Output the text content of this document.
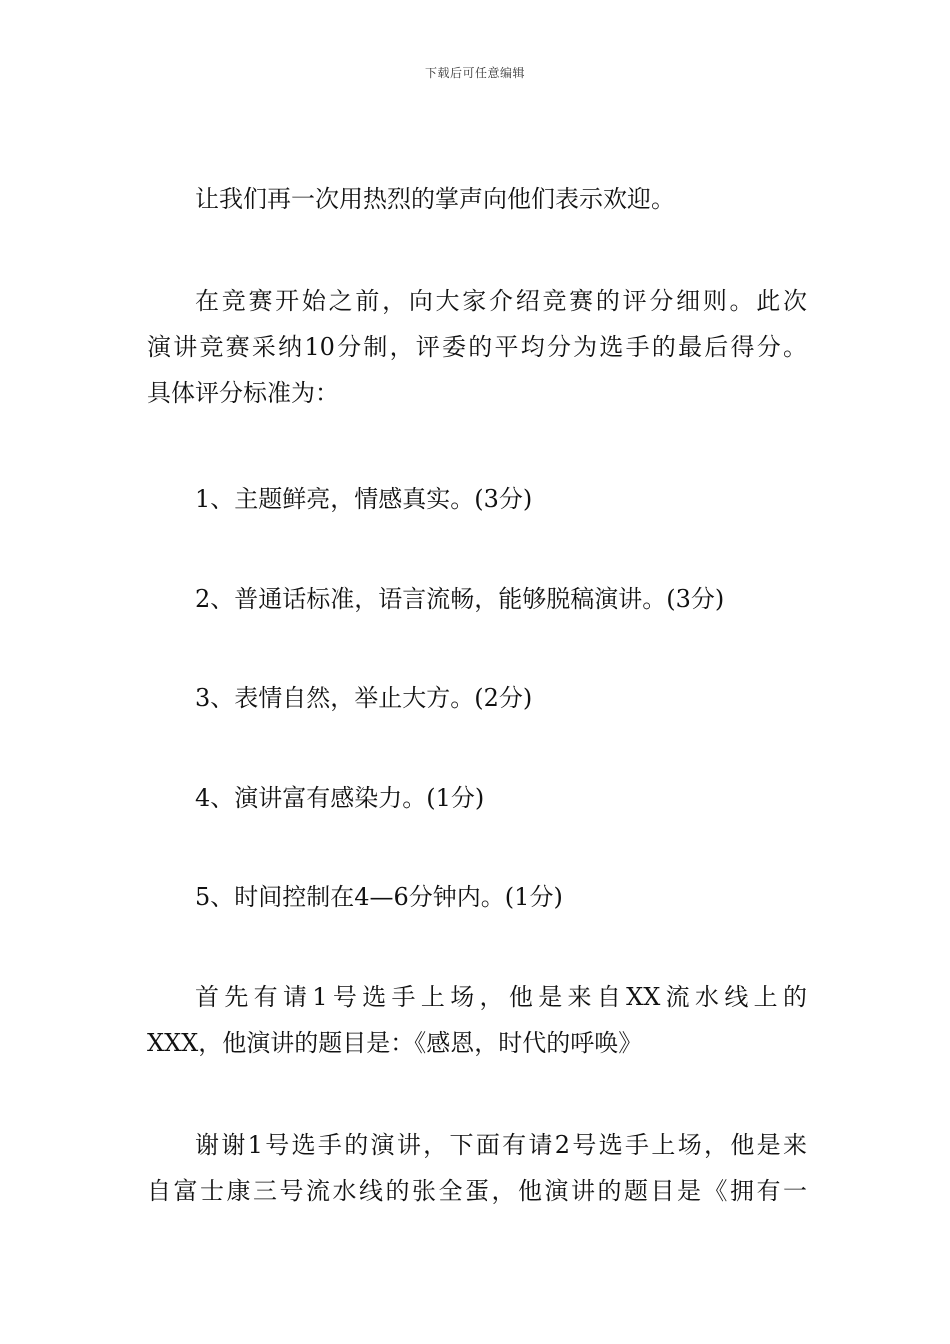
下载后可任意编辑
让我们再一次用热烈的掌声向他们表示欢迎。
在竞赛开始之前，向大家介绍竞赛的评分细则。此次
演讲竞赛采纳10分制，评委的平均分为选手的最后得分。
具体评分标准为：
1、主题鲜亮，情感真实。(3分)
2、普通话标准，语言流畅，能够脱稿演讲。(3分)
3、表情自然，举止大方。(2分)
4、演讲富有感染力。(1分)
5、时间控制在4—6分钟内。(1分)
首先有请1号选手上场，他是来自XX流水线上的
XXX，他演讲的题目是：《感恩，时代的呼唤》
谢谢1号选手的演讲，下面有请2号选手上场，他是来
自富士康三号流水线的张全蛋，他演讲的题目是《拥有一
